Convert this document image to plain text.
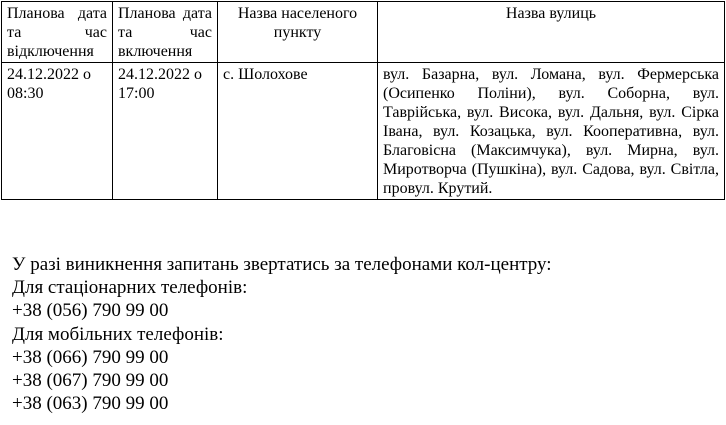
Планова дата та час відключення	Планова дата та час включення	Назва населеного пункту	Назва вулиць
24.12.2022 о 08:30	24.12.2022 о 17:00	с. Шолохове	вул. Базарна, вул. Ломана, вул. Фермерська (Осипенко Поліни), вул. Соборна, вул. Таврійська, вул. Висока, вул. Дальня, вул. Сірка Івана, вул. Козацька, вул. Кооперативна, вул. Благовісна (Максимчука), вул. Мирна, вул. Миротворча (Пушкіна), вул. Садова, вул. Світла, провул. Крутий.
У разі виникнення запитань звертатись за телефонами кол-центру:
Для стаціонарних телефонів:
+38 (056) 790 99 00
Для мобільних телефонів:
+38 (066) 790 99 00
+38 (067) 790 99 00
+38 (063) 790 99 00
